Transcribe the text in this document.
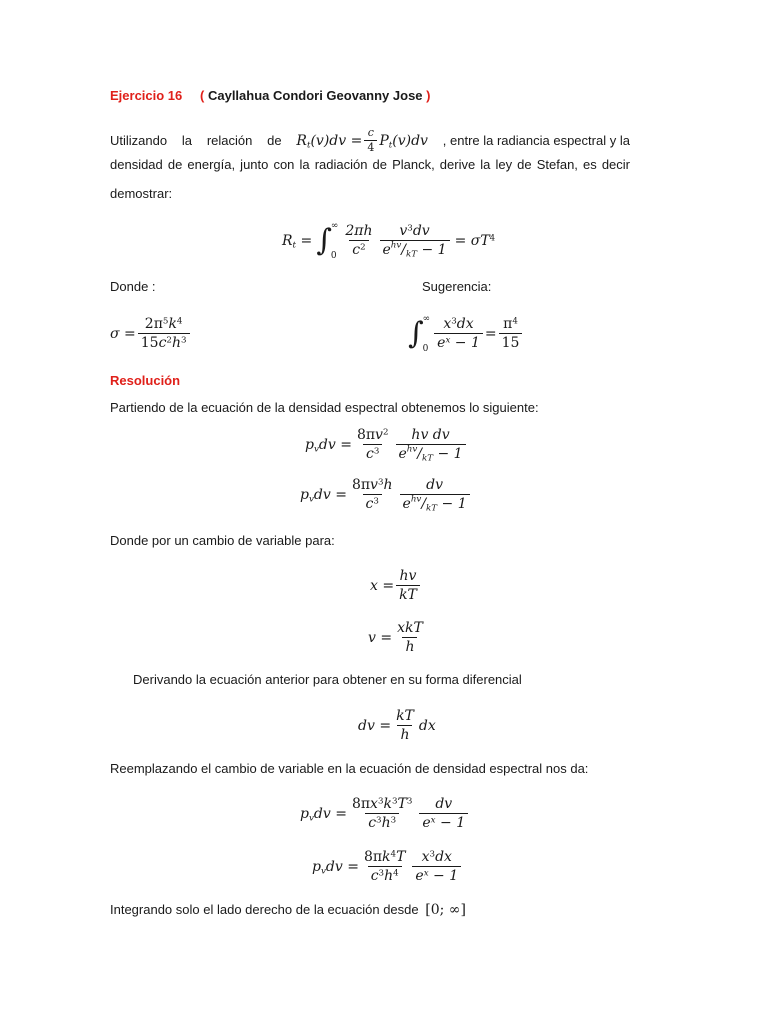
Ejercicio 16 ( Cayllahua Condori Geovanny Jose )
Utilizando la relación de $R_t(v)dv = \frac{c}{4} P_t(v)dv$ , entre la radiancia espectral y la
densidad de energía, junto con la radiación de Planck, derive la ley de Stefan, es decir
demostrar:
$R_t$ = ∫ ∞
$0 \frac{2\pi h}{c^2} \frac{v^3dv}{e^{hv}/_{kT} - 1} = \sigma T^4$
Donde :	Sugerencia:
$\sigma = \frac{2\pi^5k^4}{15c^2h^3}$	∫ ∞
$0 \frac{x^3dx}{e^x - 1} = \frac{\pi^4}{15}$
Resolución
Partiendo de la ecuación de la densidad espectral obtenemos lo siguiente:
$p_vdv = \frac{8\pi v^2}{c^3} \frac{\text{hv dv}}{e^{hv}/_{kT} - 1}$
$p_vdv = \frac{8\pi v^3h}{c^3} \frac{dv}{e^{hv}/_{kT} - 1}$
Donde por un cambio de variable para:
$x = \frac{hv}{kT}$
$v = \frac{\text{xkT}}{h}$
Derivando la ecuación anterior para obtener en su forma diferencial
dv = $\frac{kT}{h}$ dx
Reemplazando el cambio de variable en la ecuación de densidad espectral nos da:
$p_vdv = \frac{8\pi x^3k^3T^3}{c^3h^3} \frac{dv}{e^x - 1}$
$p_vdv = \frac{8\pi k^4T}{c^3h^4} \frac{x^3dx}{e^x - 1}$
Integrando solo el lado derecho de la ecuación desde [0; ∞]
